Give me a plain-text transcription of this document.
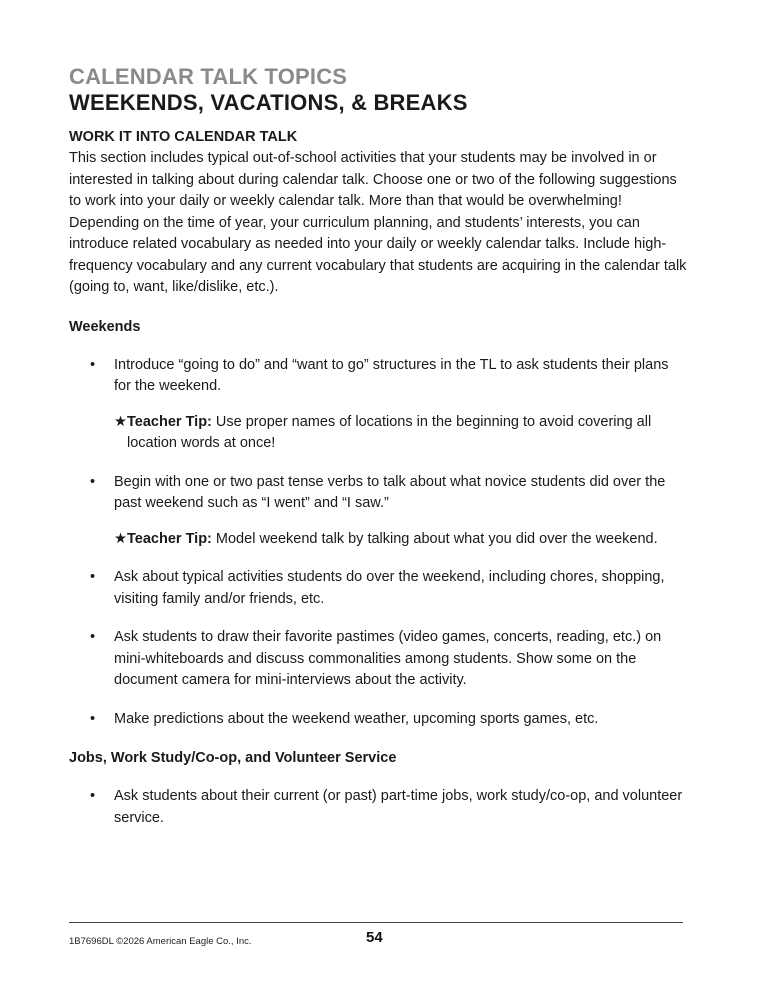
CALENDAR TALK TOPICS
WEEKENDS, VACATIONS, & BREAKS
WORK IT INTO CALENDAR TALK

This section includes typical out-of-school activities that your students may be involved in or interested in talking about during calendar talk. Choose one or two of the following suggestions to work into your daily or weekly calendar talk. More than that would be overwhelming! Depending on the time of year, your curriculum planning, and students’ interests, you can introduce related vocabulary as needed into your daily or weekly calendar talks. Include high-frequency vocabulary and any current vocabulary that students are acquiring in the calendar talk (going to, want, like/dislike, etc.).

Weekends
• Introduce “going to do” and “want to go” structures in the TL to ask students their plans for the weekend.
★Teacher Tip: Use proper names of locations in the beginning to avoid covering all location words at once!
• Begin with one or two past tense verbs to talk about what novice students did over the past weekend such as “I went” and “I saw.”
★Teacher Tip: Model weekend talk by talking about what you did over the weekend.
• Ask about typical activities students do over the weekend, including chores, shopping, visiting family and/or friends, etc.
• Ask students to draw their favorite pastimes (video games, concerts, reading, etc.) on mini-whiteboards and discuss commonalities among students. Show some on the document camera for mini-interviews about the activity.
• Make predictions about the weekend weather, upcoming sports games, etc.
Jobs, Work Study/Co-op, and Volunteer Service
• Ask students about their current (or past) part-time jobs, work study/co-op, and volunteer service.
1B7696DL ©2026 American Eagle Co., Inc.	54
